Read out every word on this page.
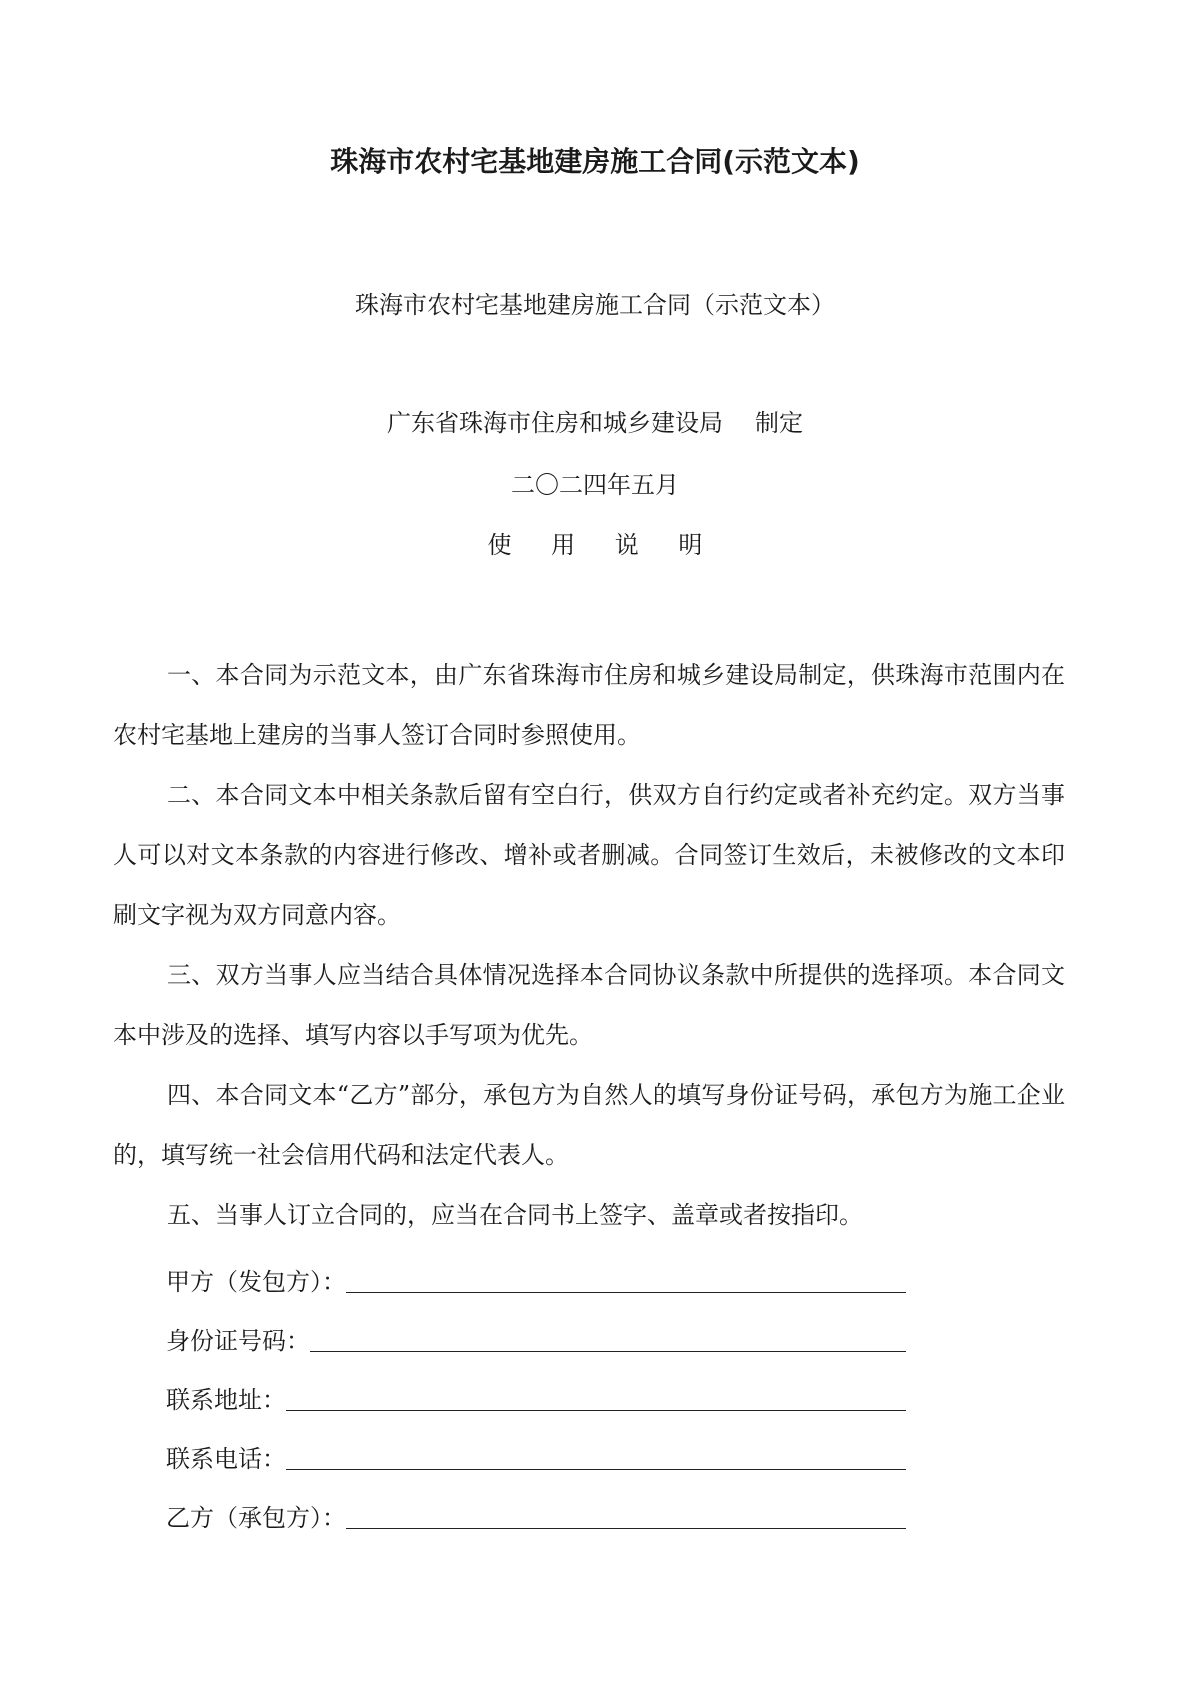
珠海市农村宅基地建房施工合同(示范文本)
珠海市农村宅基地建房施工合同（示范文本）
广东省珠海市住房和城乡建设局 制定
二〇二四年五月
使 用 说 明

一、本合同为示范文本，由广东省珠海市住房和城乡建设局制定，供珠海市范围内在农村宅基地上建房的当事人签订合同时参照使用。

二、本合同文本中相关条款后留有空白行，供双方自行约定或者补充约定。双方当事人可以对文本条款的内容进行修改、增补或者删减。合同签订生效后，未被修改的文本印刷文字视为双方同意内容。

三、双方当事人应当结合具体情况选择本合同协议条款中所提供的选择项。本合同文本中涉及的选择、填写内容以手写项为优先。

四、本合同文本“乙方”部分，承包方为自然人的填写身份证号码，承包方为施工企业的，填写统一社会信用代码和法定代表人。

五、当事人订立合同的，应当在合同书上签字、盖章或者按指印。

甲方（发包方）：
身份证号码：
联系地址：
联系电话：
乙方（承包方）：
